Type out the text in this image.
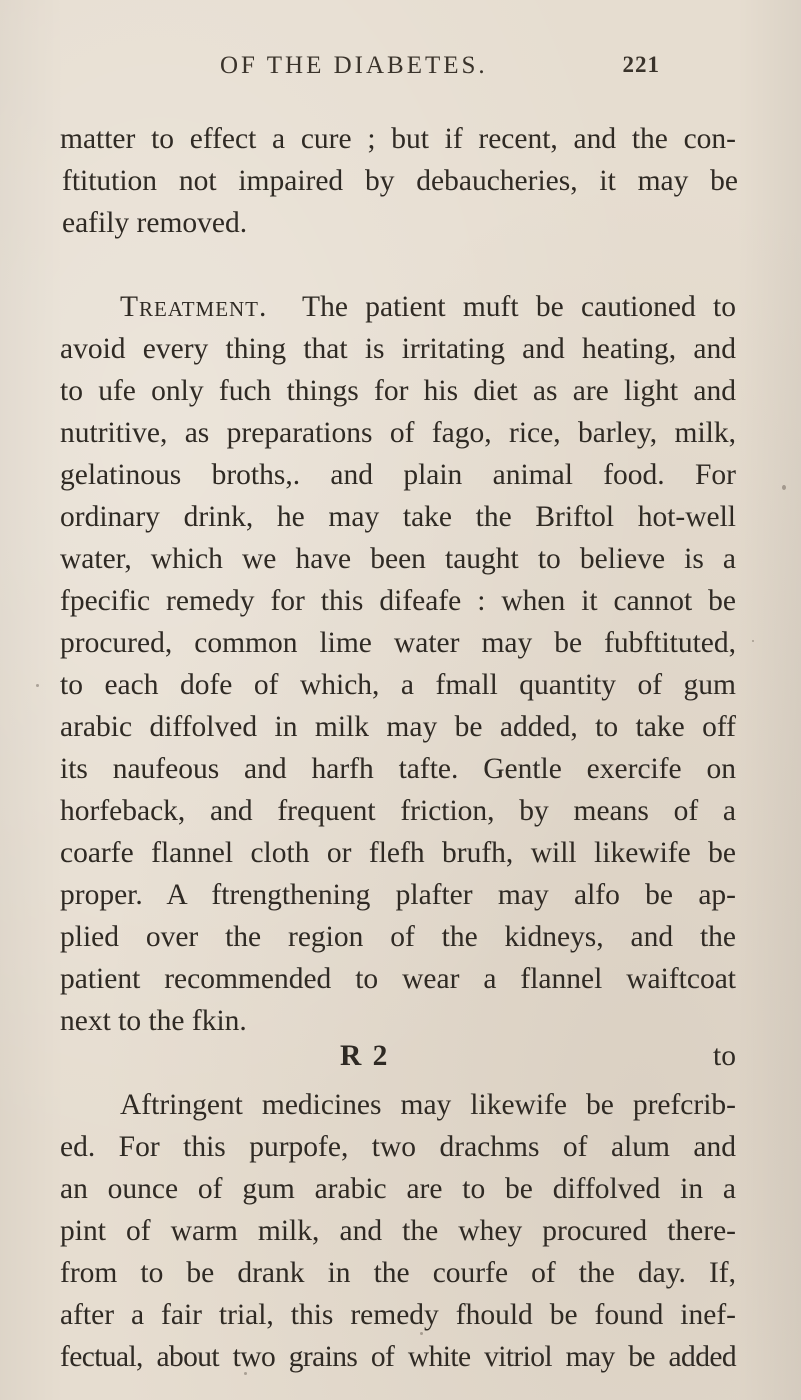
OF THE DIABETES.	221
matter to effect a cure ; but if recent, and the con-
ftitution not impaired by debaucheries, it may be
eafily removed.
Treatment. The patient muft be cautioned to
avoid every thing that is irritating and heating, and
to ufe only fuch things for his diet as are light and
nutritive, as preparations of fago, rice, barley, milk,
gelatinous broths,. and plain animal food. For
ordinary drink, he may take the Briftol hot-well
water, which we have been taught to believe is a
fpecific remedy for this difeafe : when it cannot be
procured, common lime water may be fubftituted,
to each dofe of which, a fmall quantity of gum
arabic diffolved in milk may be added, to take off
its naufeous and harfh tafte. Gentle exercife on
horfeback, and frequent friction, by means of a
coarfe flannel cloth or flefh brufh, will likewife be
proper. A ftrengthening plafter may alfo be ap-
plied over the region of the kidneys, and the
patient recommended to wear a flannel waiftcoat
next to the fkin.
Aftringent medicines may likewife be prefcrib-
ed. For this purpofe, two drachms of alum and
an ounce of gum arabic are to be diffolved in a
pint of warm milk, and the whey procured there-
from to be drank in the courfe of the day. If,
after a fair trial, this remedy fhould be found inef-
fectual, about two grains of white vitriol may be added
R 2	to
